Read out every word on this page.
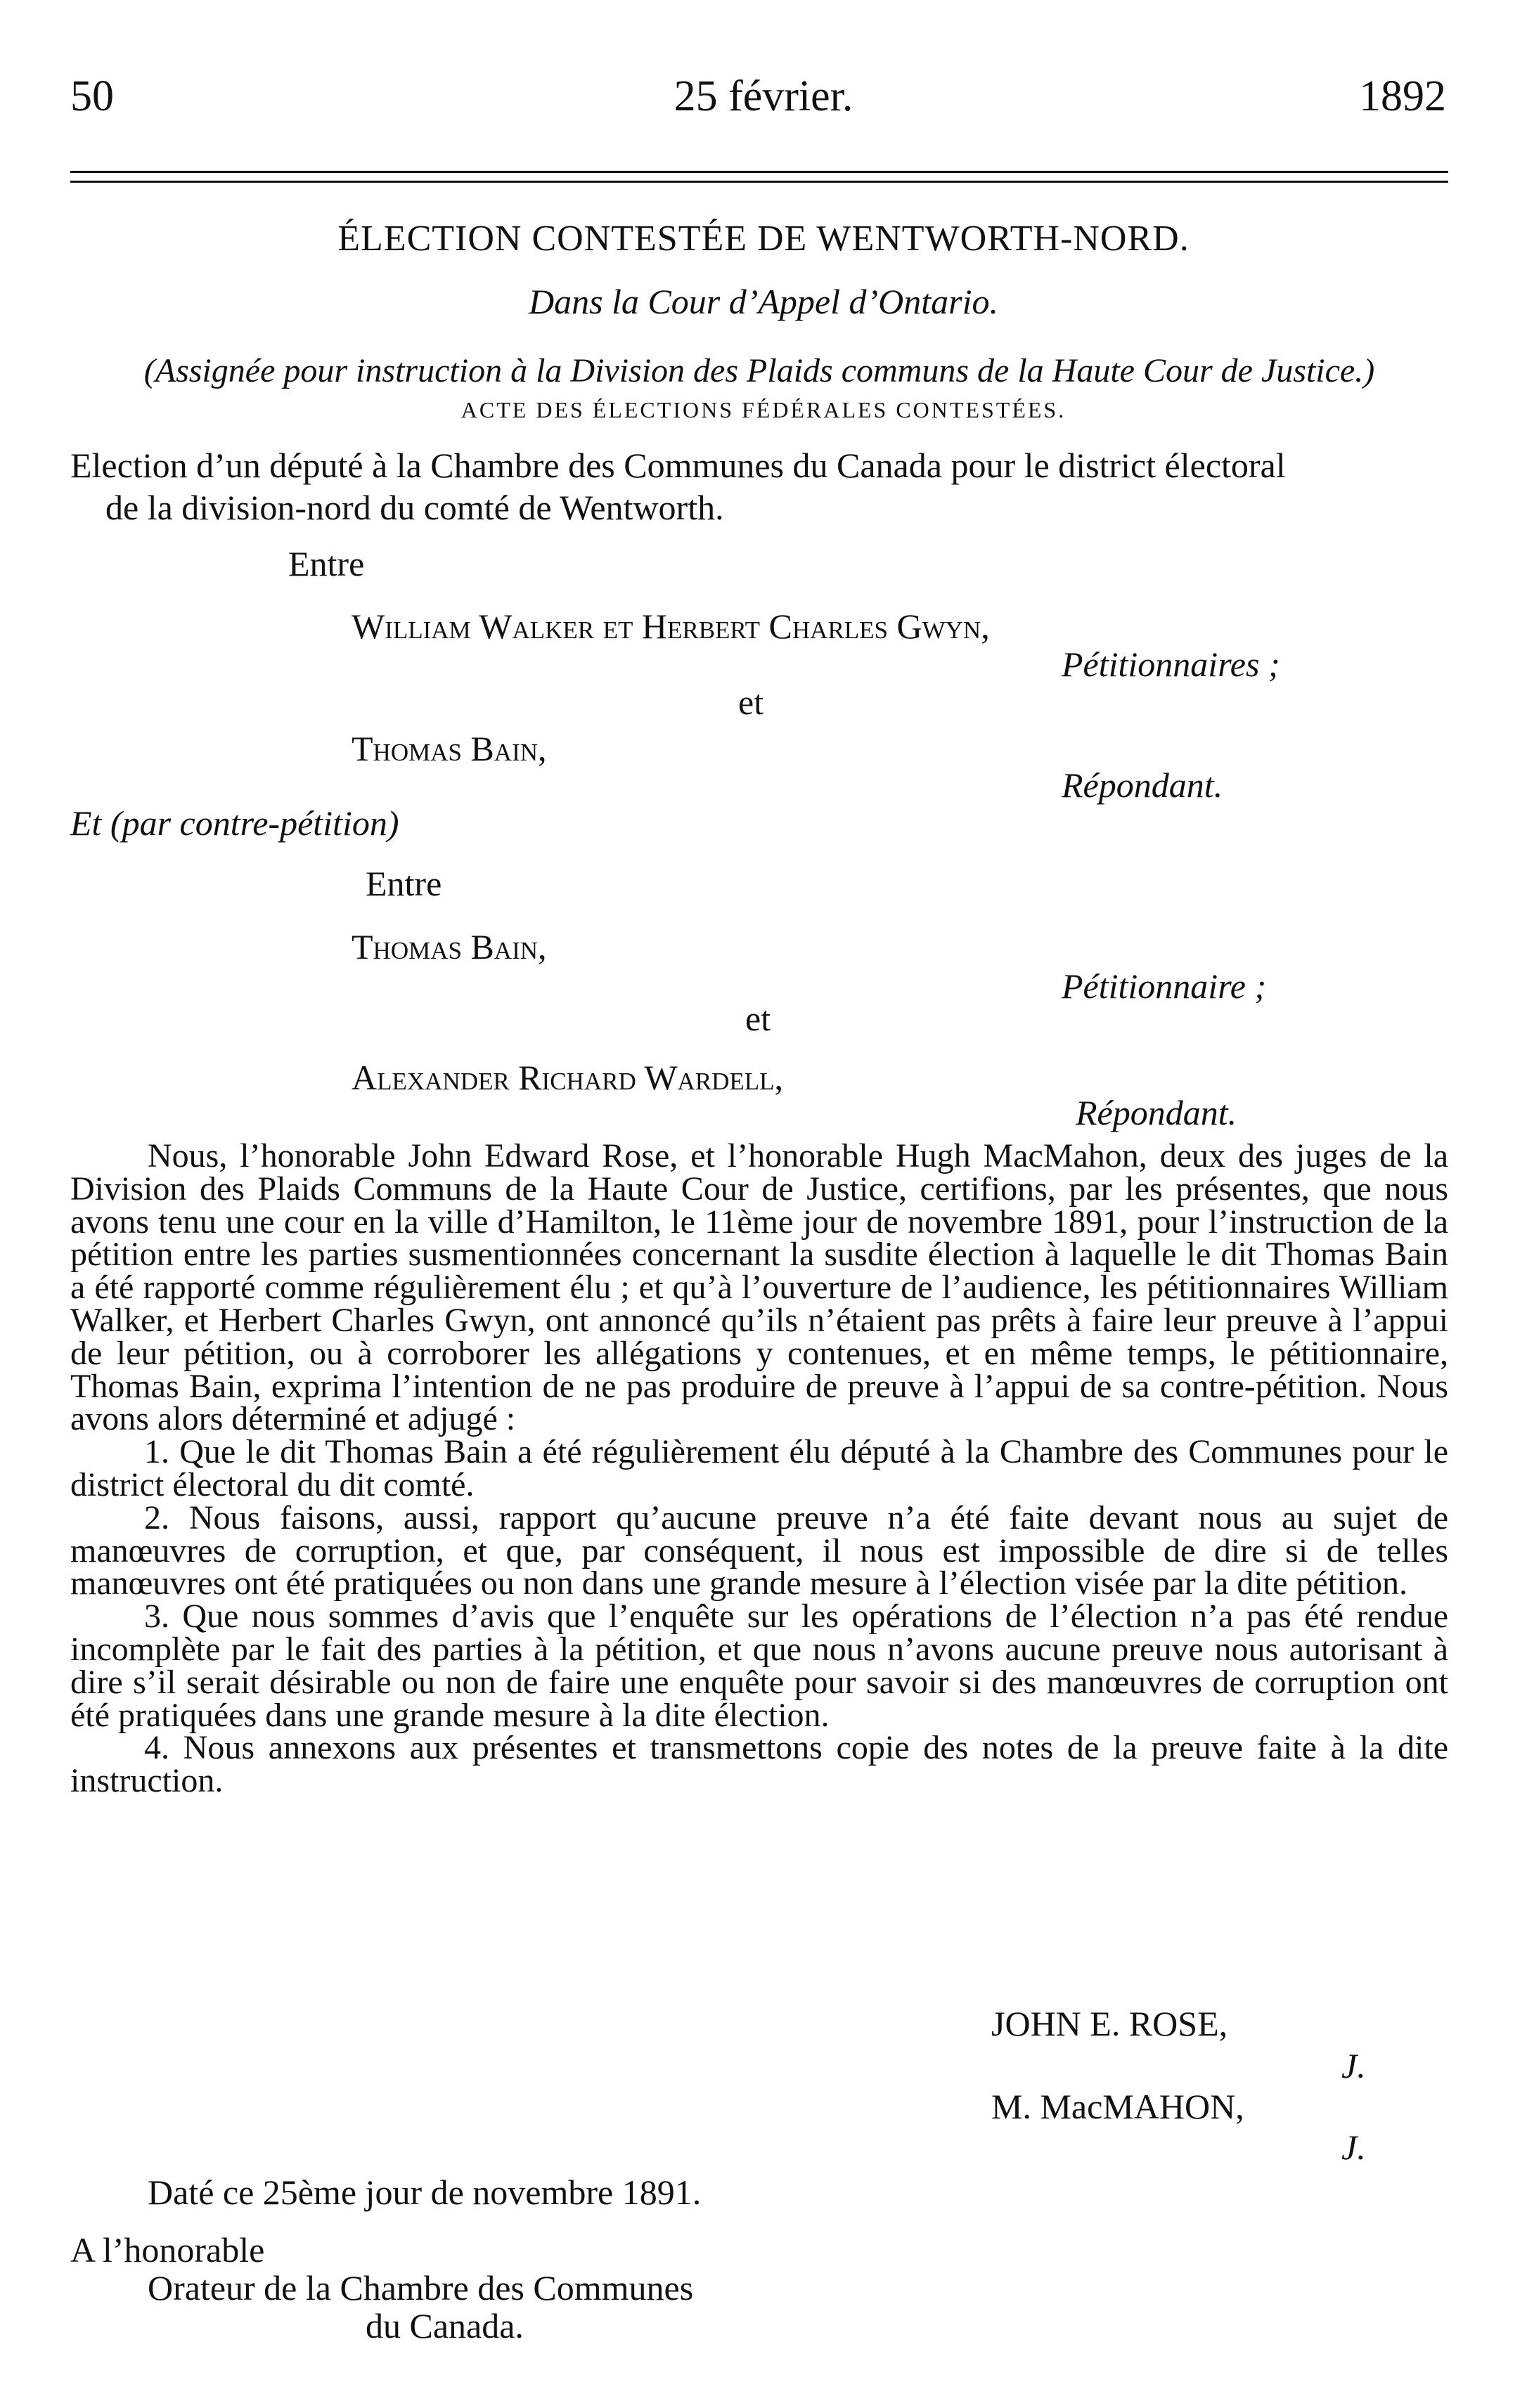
50	25 février.	1892
ÉLECTION CONTESTÉE DE WENTWORTH-NORD.
Dans la Cour d’Appel d’Ontario.
(Assignée pour instruction à la Division des Plaids communs de la Haute Cour de Justice.)
ACTE DES ÉLECTIONS FÉDÉRALES CONTESTÉES.
Election d’un député à la Chambre des Communes du Canada pour le district électoral
de la division-nord du comté de Wentworth.
Entre
William Walker et Herbert Charles Gwyn,
Pétitionnaires ;
et
Thomas Bain,
Répondant.
Et (par contre-pétition)
Entre
Thomas Bain,
Pétitionnaire ;
et
Alexander Richard Wardell,
Répondant.

Nous, l’honorable John Edward Rose, et l’honorable Hugh MacMahon, deux des juges de la Division des Plaids Communs de la Haute Cour de Justice, certifions, par les présentes, que nous avons tenu une cour en la ville d’Hamilton, le 11ème jour de novembre 1891, pour l’instruction de la pétition entre les parties susmentionnées concernant la susdite élection à laquelle le dit Thomas Bain a été rapporté comme régulièrement élu ; et qu’à l’ouverture de l’audience, les pétitionnaires William Walker, et Herbert Charles Gwyn, ont annoncé qu’ils n’étaient pas prêts à faire leur preuve à l’appui de leur pétition, ou à corroborer les allégations y contenues, et en même temps, le pétitionnaire, Thomas Bain, exprima l’intention de ne pas produire de preuve à l’appui de sa contre-pétition. Nous avons alors déterminé et adjugé :

1. Que le dit Thomas Bain a été régulièrement élu député à la Chambre des Communes pour le district électoral du dit comté.

2. Nous faisons, aussi, rapport qu’aucune preuve n’a été faite devant nous au sujet de manœuvres de corruption, et que, par conséquent, il nous est impossible de dire si de telles manœuvres ont été pratiquées ou non dans une grande mesure à l’élection visée par la dite pétition.

3. Que nous sommes d’avis que l’enquête sur les opérations de l’élection n’a pas été rendue incomplète par le fait des parties à la pétition, et que nous n’avons aucune preuve nous autorisant à dire s’il serait désirable ou non de faire une enquête pour savoir si des manœuvres de corruption ont été pratiquées dans une grande mesure à la dite élection.

4. Nous annexons aux présentes et transmettons copie des notes de la preuve faite à la dite instruction.

JOHN E. ROSE,
J.
M. MacMAHON,
J.
Daté ce 25ème jour de novembre 1891.
A l’honorable
Orateur de la Chambre des Communes
du Canada.
